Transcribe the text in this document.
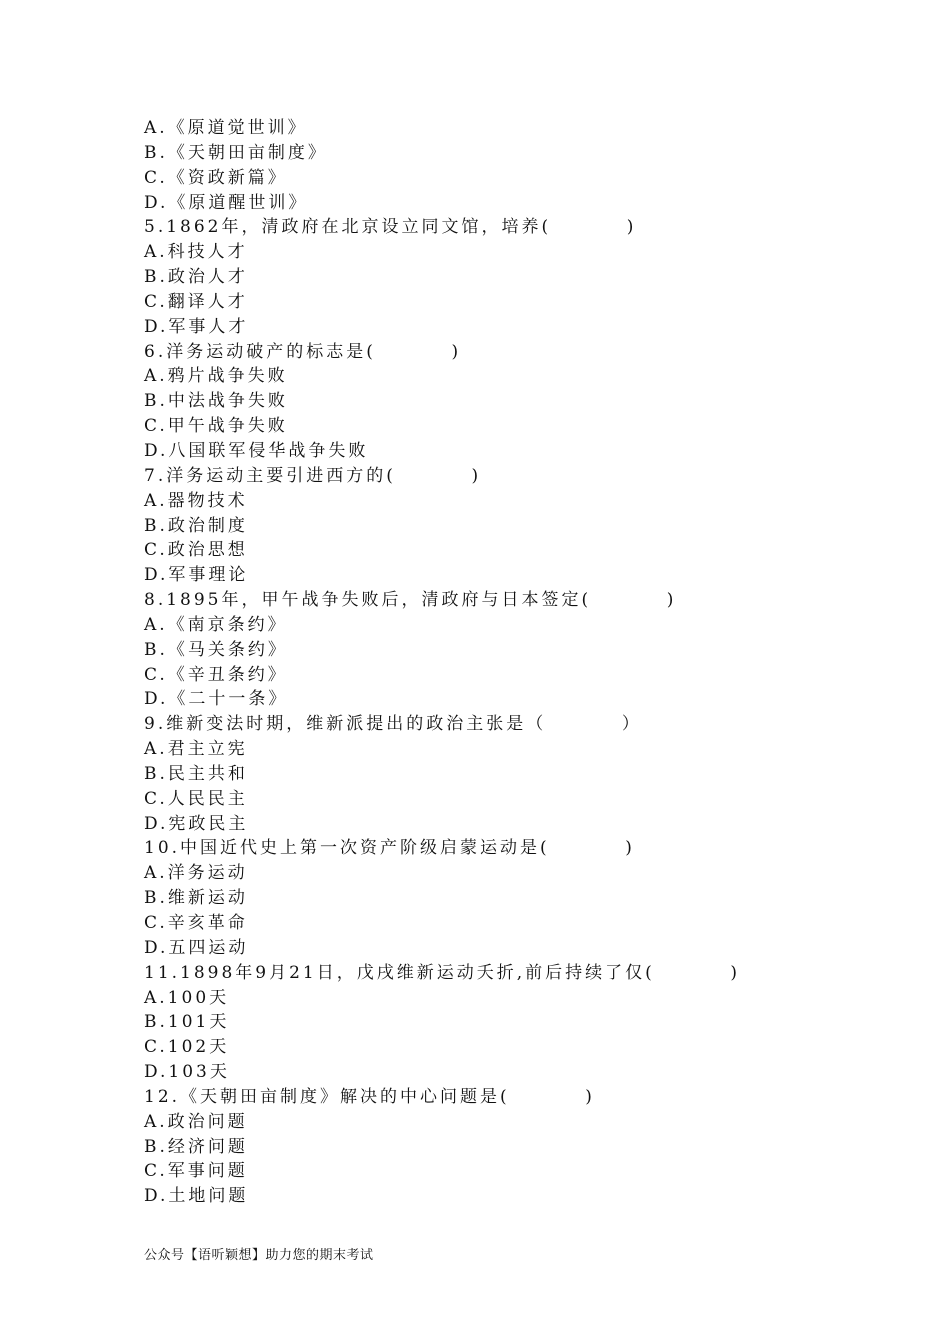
A.《原道觉世训》
B.《天朝田亩制度》
C.《资政新篇》
D.《原道醒世训》
5.1862年，清政府在北京设立同文馆，培养(         )
A.科技人才
B.政治人才
C.翻译人才
D.军事人才
6.洋务运动破产的标志是(         )
A.鸦片战争失败
B.中法战争失败
C.甲午战争失败
D.八国联军侵华战争失败
7.洋务运动主要引进西方的(         )
A.器物技术
B.政治制度
C.政治思想
D.军事理论
8.1895年，甲午战争失败后，清政府与日本签定(         )
A.《南京条约》
B.《马关条约》
C.《辛丑条约》
D.《二十一条》
9.维新变法时期，维新派提出的政治主张是（         ）
A.君主立宪
B.民主共和
C.人民民主
D.宪政民主
10.中国近代史上第一次资产阶级启蒙运动是(         )
A.洋务运动
B.维新运动
C.辛亥革命
D.五四运动
11.1898年9月21日，戊戌维新运动夭折,前后持续了仅(         )
A.100天
B.101天
C.102天
D.103天
12.《天朝田亩制度》解决的中心问题是(         )
A.政治问题
B.经济问题
C.军事问题
D.土地问题
公众号【语听颖想】助力您的期末考试
